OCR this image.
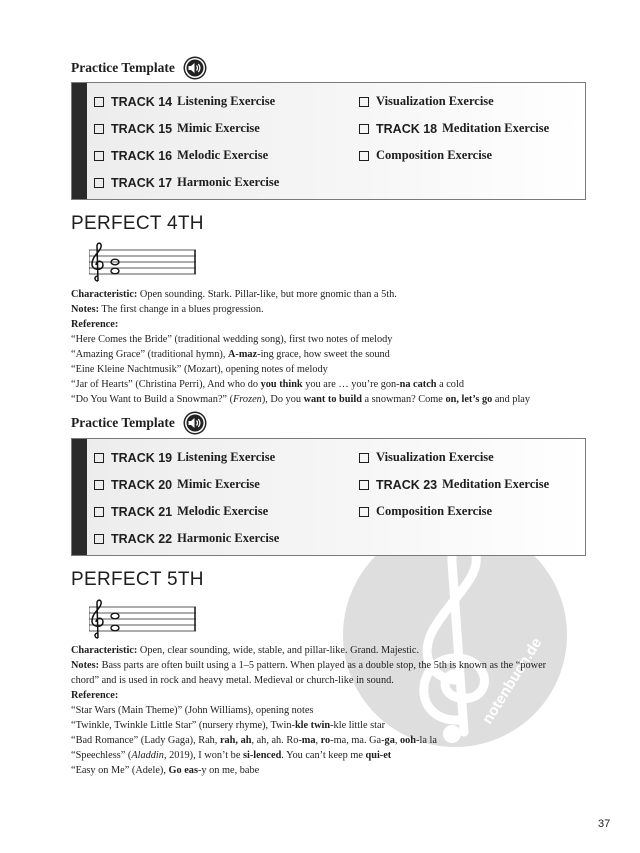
notenbuch.de
Practice Template
TRACK 14 Listening Exercise
TRACK 15 Mimic Exercise
TRACK 16 Melodic Exercise
TRACK 17 Harmonic Exercise
Visualization Exercise
TRACK 18 Meditation Exercise
Composition Exercise
PERFECT 4TH
Characteristic: Open sounding. Stark. Pillar-like, but more gnomic than a 5th.
Notes: The first change in a blues progression.
Reference:
“Here Comes the Bride” (traditional wedding song), first two notes of melody
“Amazing Grace” (traditional hymn), A-maz-ing grace, how sweet the sound
“Eine Kleine Nachtmusik” (Mozart), opening notes of melody
“Jar of Hearts” (Christina Perri), And who do you think you are … you’re gon-na catch a cold
“Do You Want to Build a Snowman?” (Frozen), Do you want to build a snowman? Come on, let’s go and play
Practice Template
TRACK 19 Listening Exercise
TRACK 20 Mimic Exercise
TRACK 21 Melodic Exercise
TRACK 22 Harmonic Exercise
Visualization Exercise
TRACK 23 Meditation Exercise
Composition Exercise
PERFECT 5TH
Characteristic: Open, clear sounding, wide, stable, and pillar-like. Grand. Majestic.
Notes: Bass parts are often built using a 1–5 pattern. When played as a double stop, the 5th is known as the “power
chord” and is used in rock and heavy metal. Medieval or church-like in sound.
Reference:
“Star Wars (Main Theme)” (John Williams), opening notes
“Twinkle, Twinkle Little Star” (nursery rhyme), Twin-kle twin-kle little star
“Bad Romance” (Lady Gaga), Rah, rah, ah, ah, ah. Ro-ma, ro-ma, ma. Ga-ga, ooh-la la
“Speechless” (Aladdin, 2019), I won’t be si-lenced. You can’t keep me qui-et
“Easy on Me” (Adele), Go eas-y on me, babe
37
